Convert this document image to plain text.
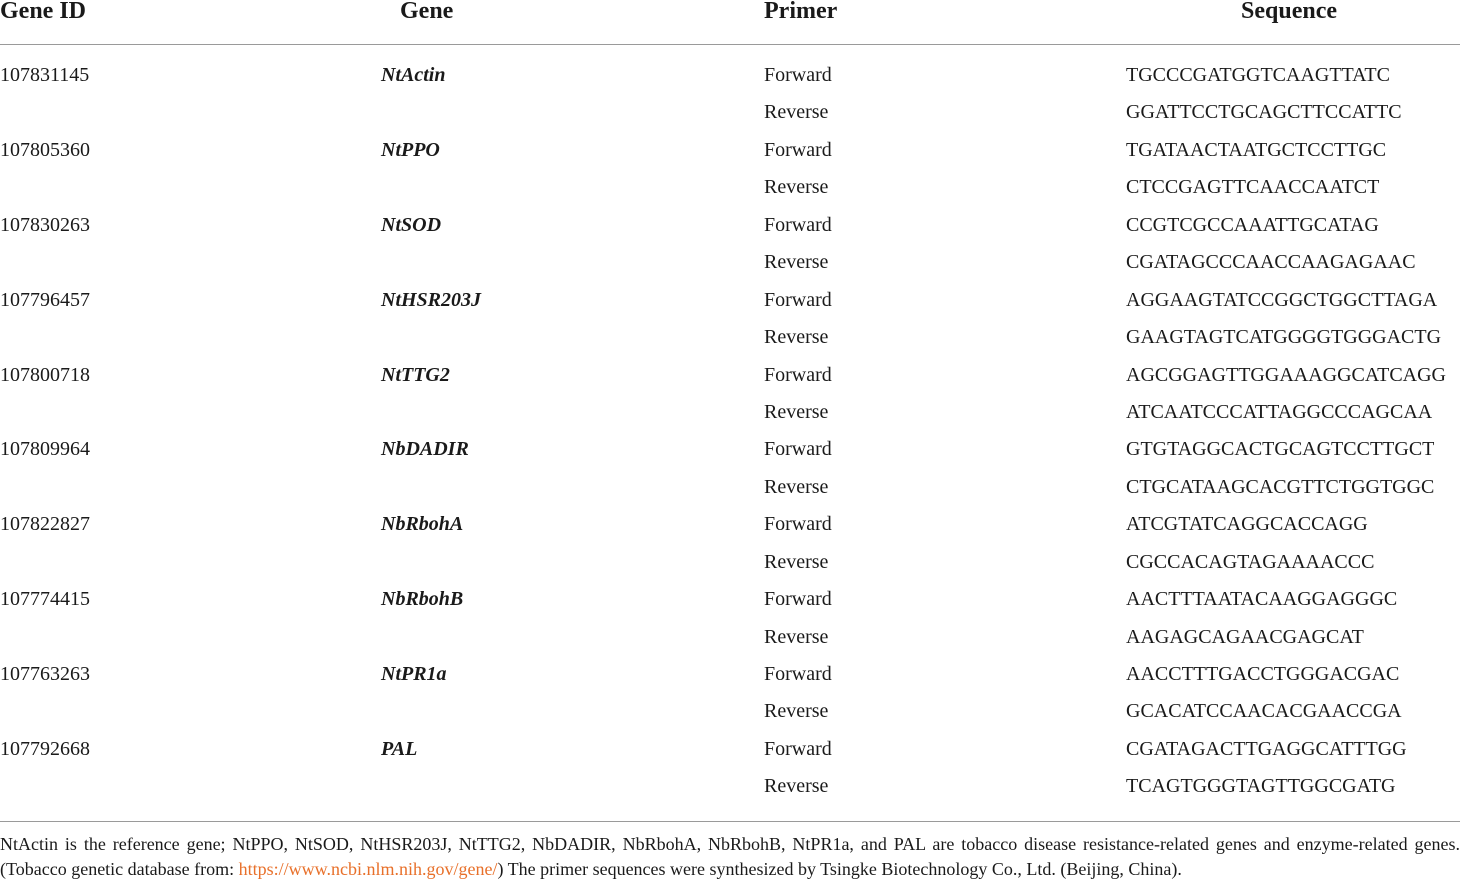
Gene ID	Gene	Primer	Sequence
107831145	NtActin	Forward	TGCCCGATGGTCAAGTTATC
Reverse	GGATTCCTGCAGCTTCCATTC
107805360	NtPPO	Forward	TGATAACTAATGCTCCTTGC
Reverse	CTCCGAGTTCAACCAATCT
107830263	NtSOD	Forward	CCGTCGCCAAATTGCATAG
Reverse	CGATAGCCCAACCAAGAGAAC
107796457	NtHSR203J	Forward	AGGAAGTATCCGGCTGGCTTAGA
Reverse	GAAGTAGTCATGGGGTGGGACTG
107800718	NtTTG2	Forward	AGCGGAGTTGGAAAGGCATCAGG
Reverse	ATCAATCCCATTAGGCCCAGCAA
107809964	NbDADIR	Forward	GTGTAGGCACTGCAGTCCTTGCT
Reverse	CTGCATAAGCACGTTCTGGTGGC
107822827	NbRbohA	Forward	ATCGTATCAGGCACCAGG
Reverse	CGCCACAGTAGAAAACCC
107774415	NbRbohB	Forward	AACTTTAATACAAGGAGGGC
Reverse	AAGAGCAGAACGAGCAT
107763263	NtPR1a	Forward	AACCTTTGACCTGGGACGAC
Reverse	GCACATCCAACACGAACCGA
107792668	PAL	Forward	CGATAGACTTGAGGCATTTGG
Reverse	TCAGTGGGTAGTTGGCGATG
NtActin is the reference gene; NtPPO, NtSOD, NtHSR203J, NtTTG2, NbDADIR, NbRbohA, NbRbohB, NtPR1a, and PAL are tobacco disease resistance-related genes and enzyme-related genes. (Tobacco genetic database from: https://www.ncbi.nlm.nih.gov/gene/) The primer sequences were synthesized by Tsingke Biotechnology Co., Ltd. (Beijing, China).
